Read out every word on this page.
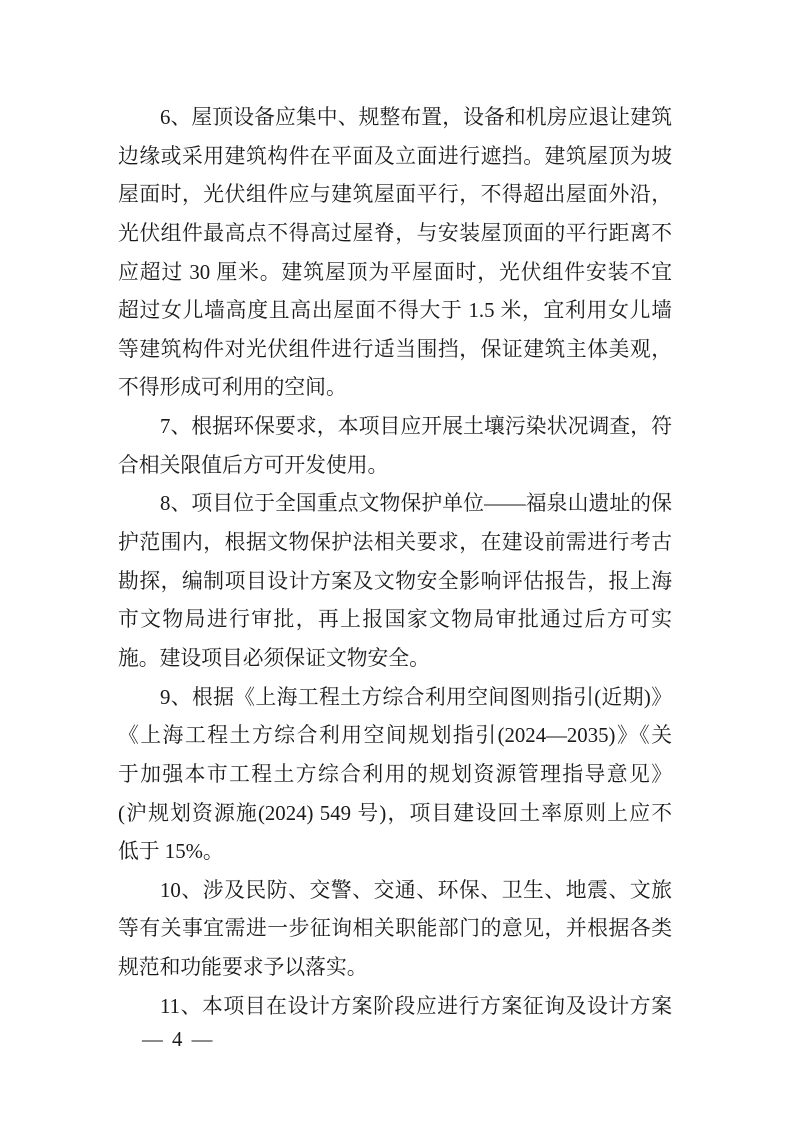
6、屋顶设备应集中、规整布置，设备和机房应退让建筑
边缘或采用建筑构件在平面及立面进行遮挡。建筑屋顶为坡
屋面时，光伏组件应与建筑屋面平行，不得超出屋面外沿，
光伏组件最高点不得高过屋脊，与安装屋顶面的平行距离不
应超过 30 厘米。建筑屋顶为平屋面时，光伏组件安装不宜
超过女儿墙高度且高出屋面不得大于 1.5 米，宜利用女儿墙
等建筑构件对光伏组件进行适当围挡，保证建筑主体美观，
不得形成可利用的空间。
7、根据环保要求，本项目应开展土壤污染状况调查，符
合相关限值后方可开发使用。
8、项目位于全国重点文物保护单位——福泉山遗址的保
护范围内，根据文物保护法相关要求，在建设前需进行考古
勘探，编制项目设计方案及文物安全影响评估报告，报上海
市文物局进行审批，再上报国家文物局审批通过后方可实
施。建设项目必须保证文物安全。
9、根据《上海工程土方综合利用空间图则指引(近期)》
《上海工程土方综合利用空间规划指引(2024—2035)》《关
于加强本市工程土方综合利用的规划资源管理指导意见》
(沪规划资源施(2024) 549 号)，项目建设回土率原则上应不
低于 15%。
10、涉及民防、交警、交通、环保、卫生、地震、文旅
等有关事宜需进一步征询相关职能部门的意见，并根据各类
规范和功能要求予以落实。
11、本项目在设计方案阶段应进行方案征询及设计方案
— 4 —
